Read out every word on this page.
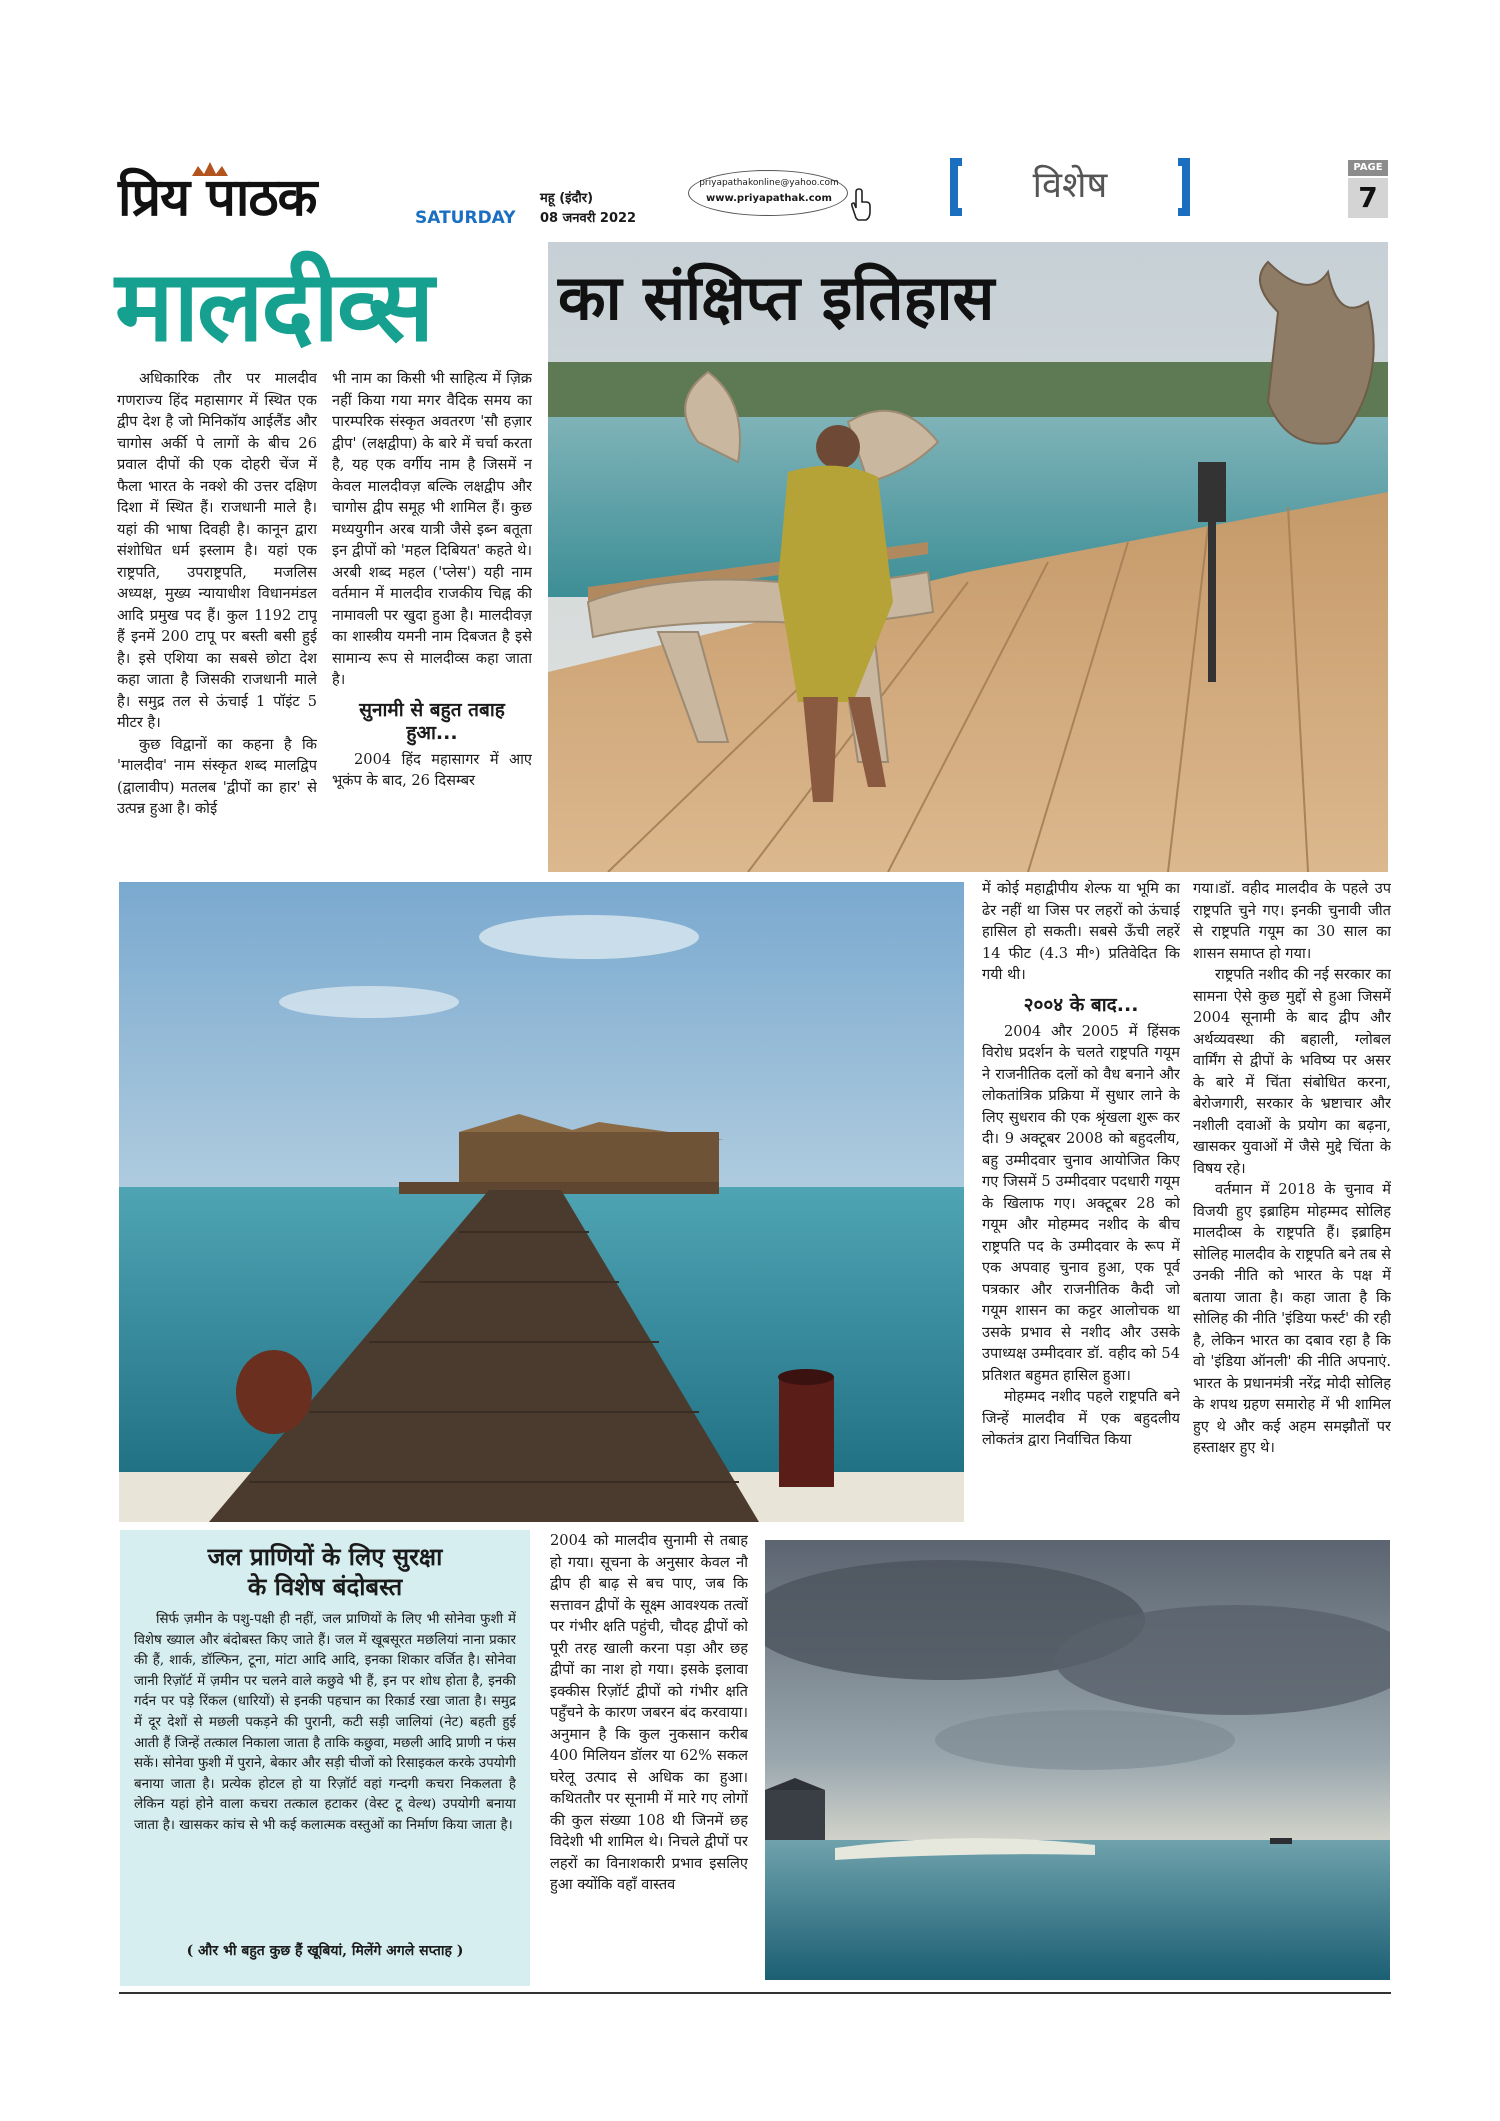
प्रिय पाठक	SATURDAY
महू (इंदौर)
08 जनवरी 2022
priyapathakonline@yahoo.com
www.priyapathak.com	विशेष	PAGE
7
मालदीव्स का संक्षिप्त इतिहास

अधिकारिक तौर पर मालदीव गणराज्य हिंद महासागर में स्थित एक द्वीप देश है जो मिनिकॉय आईलैंड और चागोस अर्की पे लागों के बीच 26 प्रवाल दीपों की एक दोहरी चेंज में फैला भारत के नक्शे की उत्तर दक्षिण दिशा में स्थित हैं। राजधानी माले है। यहां की भाषा दिवही है। कानून द्वारा संशोधित धर्म इस्लाम है। यहां एक राष्ट्रपति, उपराष्ट्रपति, मजलिस अध्यक्ष, मुख्य न्यायाधीश विधानमंडल आदि प्रमुख पद हैं। कुल 1192 टापू हैं इनमें 200 टापू पर बस्ती बसी हुई है। इसे एशिया का सबसे छोटा देश कहा जाता है जिसकी राजधानी माले है। समुद्र तल से ऊंचाई 1 पॉइंट 5 मीटर है।

कुछ विद्वानों का कहना है कि 'मालदीव' नाम संस्कृत शब्द मालद्विप (द्वालावीप) मतलब 'द्वीपों का हार' से उत्पन्न हुआ है। कोई

भी नाम का किसी भी साहित्य में ज़िक्र नहीं किया गया मगर वैदिक समय का पारम्परिक संस्कृत अवतरण 'सौ हज़ार द्वीप' (लक्षद्वीपा) के बारे में चर्चा करता है, यह एक वर्गीय नाम है जिसमें न केवल मालदीवज़ बल्कि लक्षद्वीप और चागोस द्वीप समूह भी शामिल हैं। कुछ मध्ययुगीन अरब यात्री जैसे इब्न बतूता इन द्वीपों को 'महल दिबियत' कहते थे। अरबी शब्द महल ('प्लेस') यही नाम वर्तमान में मालदीव राजकीय चिह्न की नामावली पर खुदा हुआ है। मालदीवज़ का शास्त्रीय यमनी नाम दिबजत है इसे सामान्य रूप से मालदीव्स कहा जाता है।

सुनामी से बहुत तबाह हुआ...

2004 हिंद महासागर में आए भूकंप के बाद, 26 दिसम्बर

में कोई महाद्वीपीय शेल्फ या भूमि का ढेर नहीं था जिस पर लहरों को ऊंचाई हासिल हो सकती। सबसे ऊँची लहरें 14 फीट (4.3 मी॰) प्रतिवेदित कि गयी थी।

२००४ के बाद...

2004 और 2005 में हिंसक विरोध प्रदर्शन के चलते राष्ट्रपति गयूम ने राजनीतिक दलों को वैध बनाने और लोकतांत्रिक प्रक्रिया में सुधार लाने के लिए सुधराव की एक श्रृंखला शुरू कर दी। 9 अक्टूबर 2008 को बहुदलीय, बहु उम्मीदवार चुनाव आयोजित किए गए जिसमें 5 उम्मीदवार पदधारी गयूम के खिलाफ गए। अक्टूबर 28 को गयूम और मोहम्मद नशीद के बीच राष्ट्रपति पद के उम्मीदवार के रूप में एक अपवाह चुनाव हुआ, एक पूर्व पत्रकार और राजनीतिक कैदी जो गयूम शासन का कट्टर आलोचक था उसके प्रभाव से नशीद और उसके उपाध्यक्ष उम्मीदवार डॉ. वहीद को 54 प्रतिशत बहुमत हासिल हुआ।

मोहम्मद नशीद पहले राष्ट्रपति बने जिन्हें मालदीव में एक बहुदलीय लोकतंत्र द्वारा निर्वाचित किया

गया।डॉ. वहीद मालदीव के पहले उप राष्ट्रपति चुने गए। इनकी चुनावी जीत से राष्ट्रपति गयूम का 30 साल का शासन समाप्त हो गया।

राष्ट्रपति नशीद की नई सरकार का सामना ऐसे कुछ मुद्दों से हुआ जिसमें 2004 सूनामी के बाद द्वीप और अर्थव्यवस्था की बहाली, ग्लोबल वार्मिंग से द्वीपों के भविष्य पर असर के बारे में चिंता संबोधित करना, बेरोजगारी, सरकार के भ्रष्टाचार और नशीली दवाओं के प्रयोग का बढ़ना, खासकर युवाओं में जैसे मुद्दे चिंता के विषय रहे।

वर्तमान में 2018 के चुनाव में विजयी हुए इब्राहिम मोहम्मद सोलिह मालदीव्स के राष्ट्रपति हैं। इब्राहिम सोलिह मालदीव के राष्ट्रपति बने तब से उनकी नीति को भारत के पक्ष में बताया जाता है। कहा जाता है कि सोलिह की नीति 'इंडिया फर्स्ट' की रही है, लेकिन भारत का दबाव रहा है कि वो 'इंडिया ऑनली' की नीति अपनाएं. भारत के प्रधानमंत्री नरेंद्र मोदी सोलिह के शपथ ग्रहण समारोह में भी शामिल हुए थे और कई अहम समझौतों पर हस्ताक्षर हुए थे।

जल प्राणियों के लिए सुरक्षा
के विशेष बंदोबस्त

सिर्फ ज़मीन के पशु-पक्षी ही नहीं, जल प्राणियों के लिए भी सोनेवा फुशी में विशेष ख्याल और बंदोबस्त किए जाते हैं। जल में खूबसूरत मछलियां नाना प्रकार की हैं, शार्क, डॉल्फिन, टूना, मांटा आदि आदि, इनका शिकार वर्जित है। सोनेवा जानी रिज़ॉर्ट में ज़मीन पर चलने वाले कछुवे भी हैं, इन पर शोध होता है, इनकी गर्दन पर पड़े रिंकल (धारियों) से इनकी पहचान का रिकार्ड रखा जाता है। समुद्र में दूर देशों से मछली पकड़ने की पुरानी, कटी सड़ी जालियां (नेट) बहती हुई आती हैं जिन्हें तत्काल निकाला जाता है ताकि कछुवा, मछली आदि प्राणी न फंस सकें। सोनेवा फुशी में पुराने, बेकार और सड़ी चीजों को रिसाइकल करके उपयोगी बनाया जाता है। प्रत्येक होटल हो या रिज़ॉर्ट वहां गन्दगी कचरा निकलता है लेकिन यहां होने वाला कचरा तत्काल हटाकर (वेस्ट टू वेल्थ) उपयोगी बनाया जाता है। खासकर कांच से भी कई कलात्मक वस्तुओं का निर्माण किया जाता है।

( और भी बहुत कुछ हैं खूबियां, मिलेंगे अगले सप्ताह )

2004 को मालदीव सुनामी से तबाह हो गया। सूचना के अनुसार केवल नौ द्वीप ही बाढ़ से बच पाए, जब कि सत्तावन द्वीपों के सूक्ष्म आवश्यक तत्वों पर गंभीर क्षति पहुंची, चौदह द्वीपों को पूरी तरह खाली करना पड़ा और छह द्वीपों का नाश हो गया। इसके इलावा इक्कीस रिज़ॉर्ट द्वीपों को गंभीर क्षति पहुँचने के कारण जबरन बंद करवाया। अनुमान है कि कुल नुकसान करीब 400 मिलियन डॉलर या 62% सकल घरेलू उत्पाद से अधिक का हुआ। कथिततौर पर सूनामी में मारे गए लोगों की कुल संख्या 108 थी जिनमें छह विदेशी भी शामिल थे। निचले द्वीपों पर लहरों का विनाशकारी प्रभाव इसलिए हुआ क्योंकि वहाँ वास्तव
